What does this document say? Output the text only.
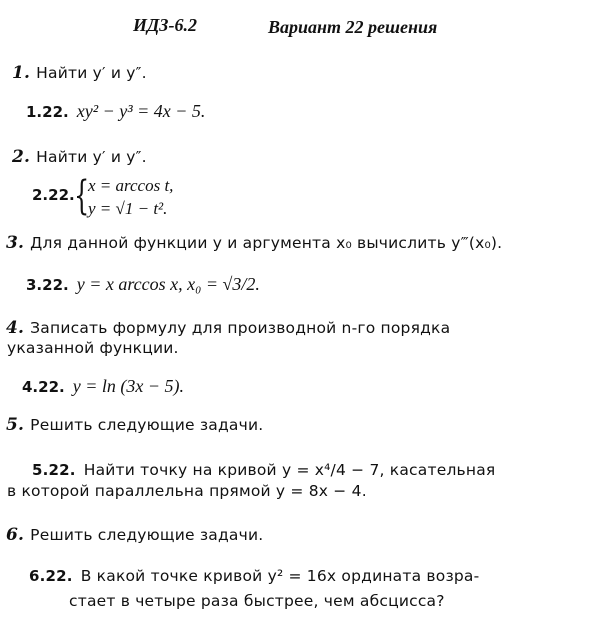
ИДЗ-6.2	Вариант 22 решения
1. Найти y′ и y″.
1.22. xy² − y³ = 4x − 5.
2. Найти y′ и y″.
2.22. {
x = arccos t,
y = √1 − t².
3. Для данной функции y и аргумента x₀ вычислить y‴(x₀).
3.22. y = x arccos x, x₀ = √3/2.
4. Записать формулу для производной n-го порядка
указанной функции.
4.22. y = ln (3x − 5).
5. Решить следующие задачи.
5.22. Найти точку на кривой y = x⁴/4 − 7, касательная
в которой параллельна прямой y = 8x − 4.
6. Решить следующие задачи.
6.22. В какой точке кривой y² = 16x ордината возра-
стает в четыре раза быстрее, чем абсцисса?
